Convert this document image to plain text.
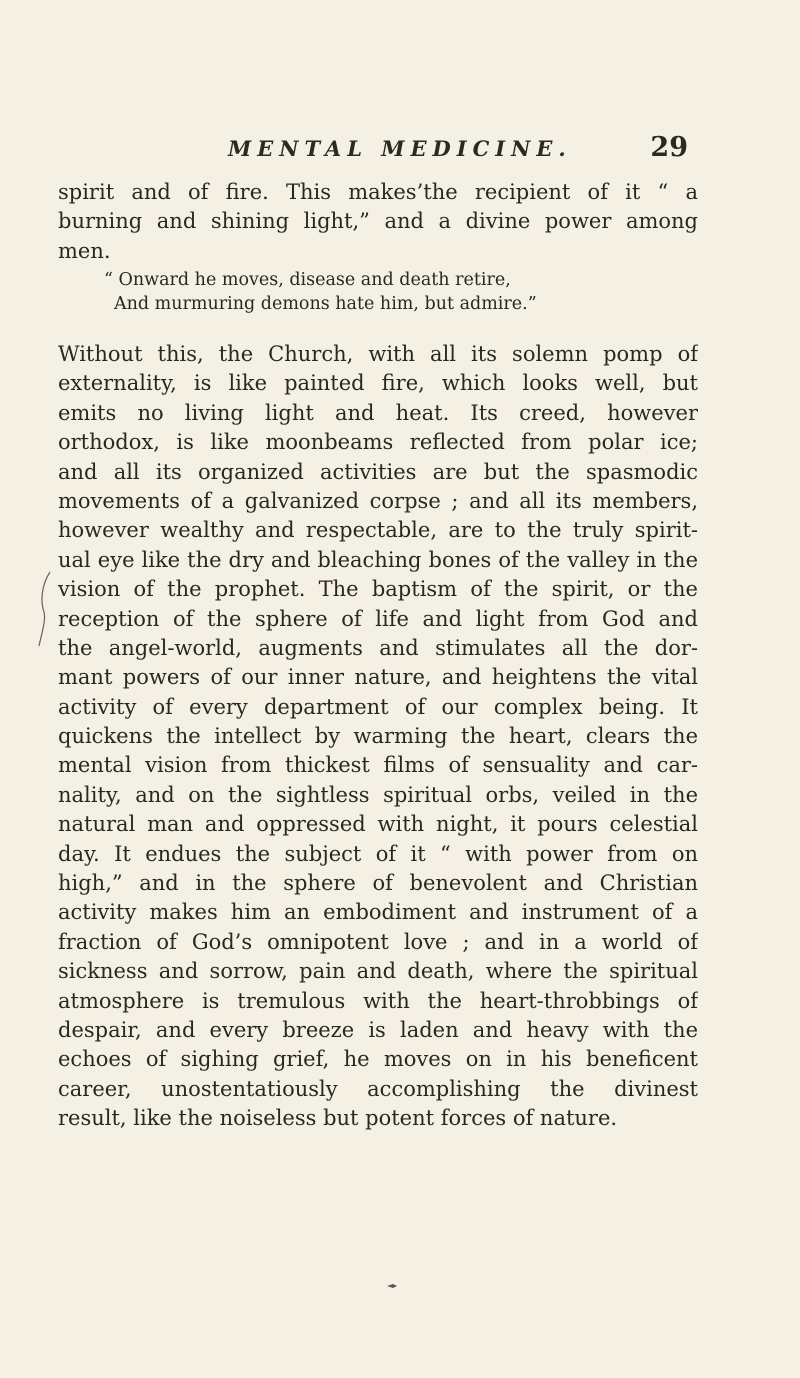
MENTAL MEDICINE.	29
spirit and of fire. This makes’the recipient of it “ a
burning and shining light,” and a divine power among
men.
“ Onward he moves, disease and death retire,
And murmuring demons hate him, but admire.”
Without this, the Church, with all its solemn pomp of
externality, is like painted fire, which looks well, but
emits no living light and heat. Its creed, however
orthodox, is like moonbeams reflected from polar ice;
and all its organized activities are but the spasmodic
movements of a galvanized corpse ; and all its members,
however wealthy and respectable, are to the truly spirit-
ual eye like the dry and bleaching bones of the valley in the
vision of the prophet. The baptism of the spirit, or the
reception of the sphere of life and light from God and
the angel-world, augments and stimulates all the dor-
mant powers of our inner nature, and heightens the vital
activity of every department of our complex being. It
quickens the intellect by warming the heart, clears the
mental vision from thickest films of sensuality and car-
nality, and on the sightless spiritual orbs, veiled in the
natural man and oppressed with night, it pours celestial
day. It endues the subject of it “ with power from on
high,” and in the sphere of benevolent and Christian
activity makes him an embodiment and instrument of a
fraction of God’s omnipotent love ; and in a world of
sickness and sorrow, pain and death, where the spiritual
atmosphere is tremulous with the heart-throbbings of
despair, and every breeze is laden and heavy with the
echoes of sighing grief, he moves on in his beneficent
career, unostentatiously accomplishing the divinest
result, like the noiseless but potent forces of nature.
